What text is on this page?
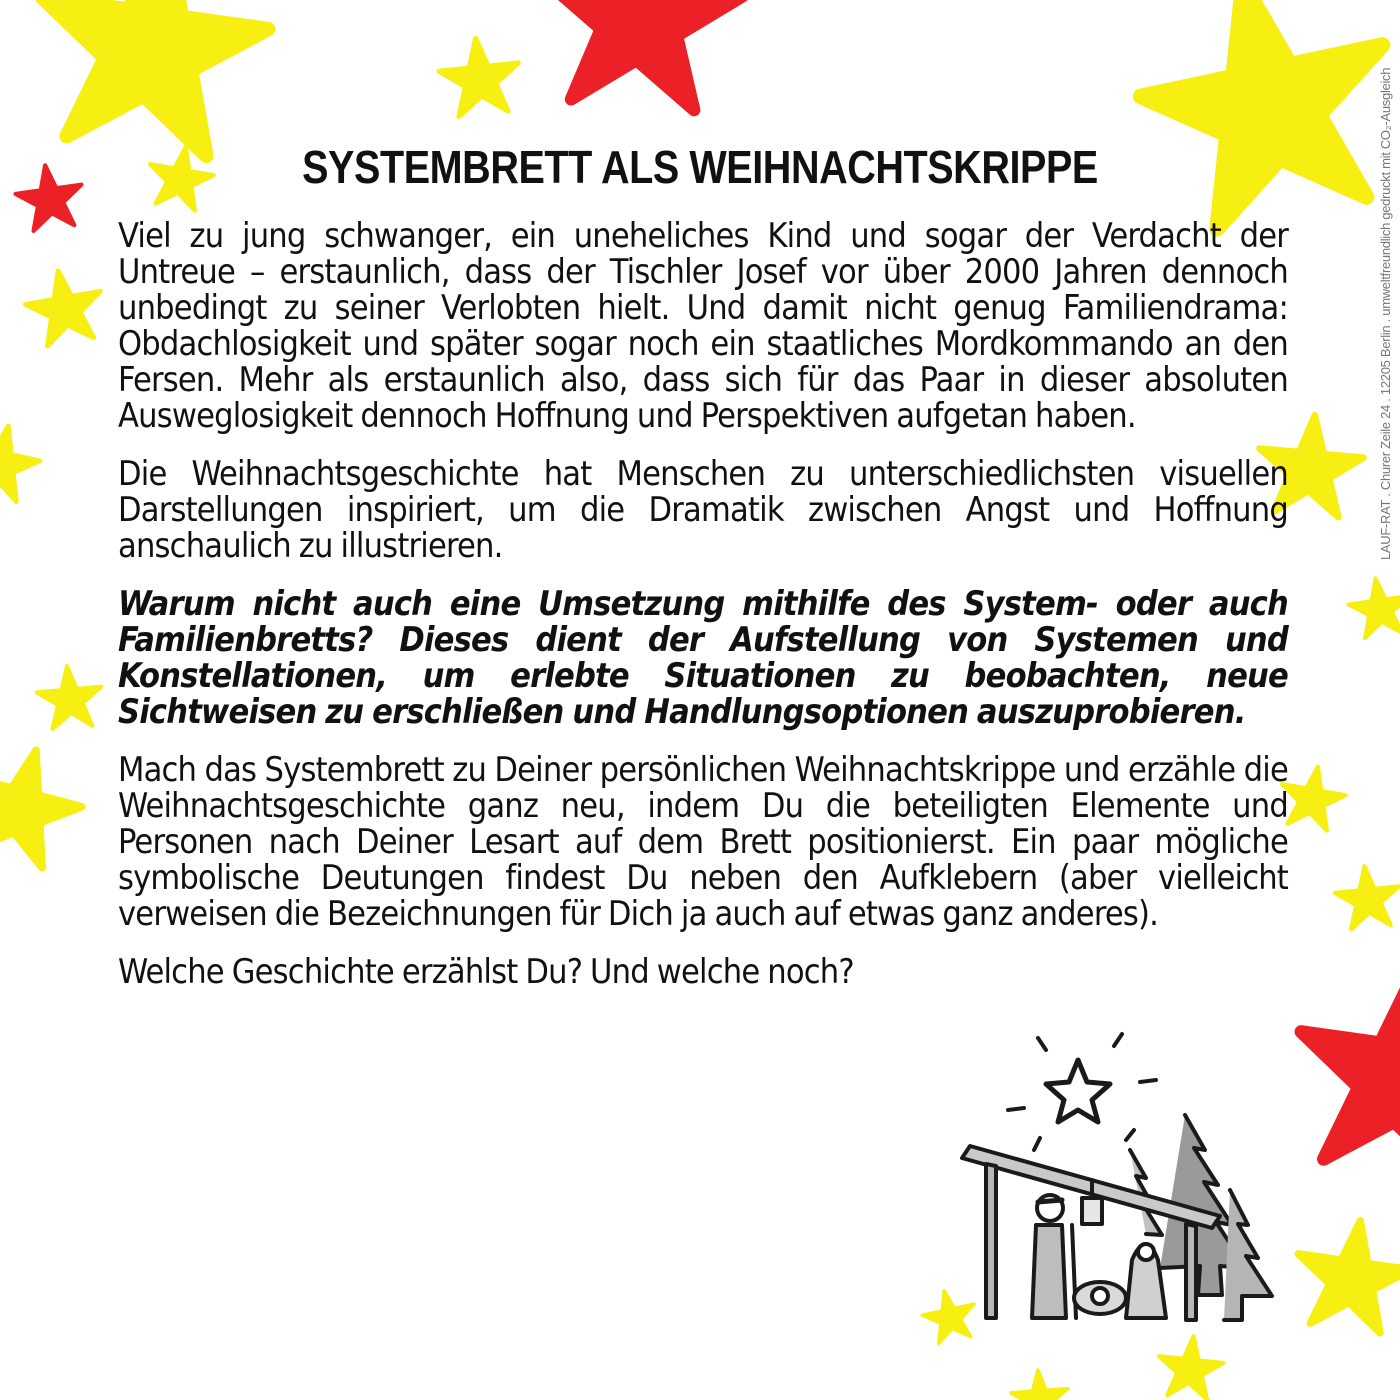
SYSTEMBRETT ALS WEIHNACHTSKRIPPE

Viel zu jung schwanger, ein uneheliches Kind und sogar der Verdacht der Untreue – erstaunlich, dass der Tischler Josef vor über 2000 Jahren dennoch unbedingt zu seiner Verlobten hielt. Und damit nicht genug Familiendrama: Obdachlosigkeit und später sogar noch ein staatliches Mordkommando an den Fersen. Mehr als erstaunlich also, dass sich für das Paar in dieser absoluten Ausweglosigkeit dennoch Hoffnung und Perspektiven aufgetan haben.

Die Weihnachtsgeschichte hat Menschen zu unterschiedlichsten visuellen Darstellungen inspiriert, um die Dramatik zwischen Angst und Hoffnung anschaulich zu illustrieren.

Warum nicht auch eine Umsetzung mithilfe des System- oder auch Familienbretts? Dieses dient der Aufstellung von Systemen und Konstellationen, um erlebte Situationen zu beobachten, neue Sichtweisen zu erschließen und Handlungsoptionen auszuprobieren.

Mach das Systembrett zu Deiner persönlichen Weihnachtskrippe und erzähle die Weihnachtsgeschichte ganz neu, indem Du die beteiligten Elemente und Personen nach Deiner Lesart auf dem Brett positionierst. Ein paar mögliche symbolische Deutungen findest Du neben den Aufklebern (aber vielleicht verweisen die Bezeichnungen für Dich ja auch auf etwas ganz anderes).

Welche Geschichte erzählst Du? Und welche noch?

LAUF-RAT . Churer Zeile 24 . 12205 Berlin . umweltfreundlich gedruckt mit CO₂-Ausgleich
